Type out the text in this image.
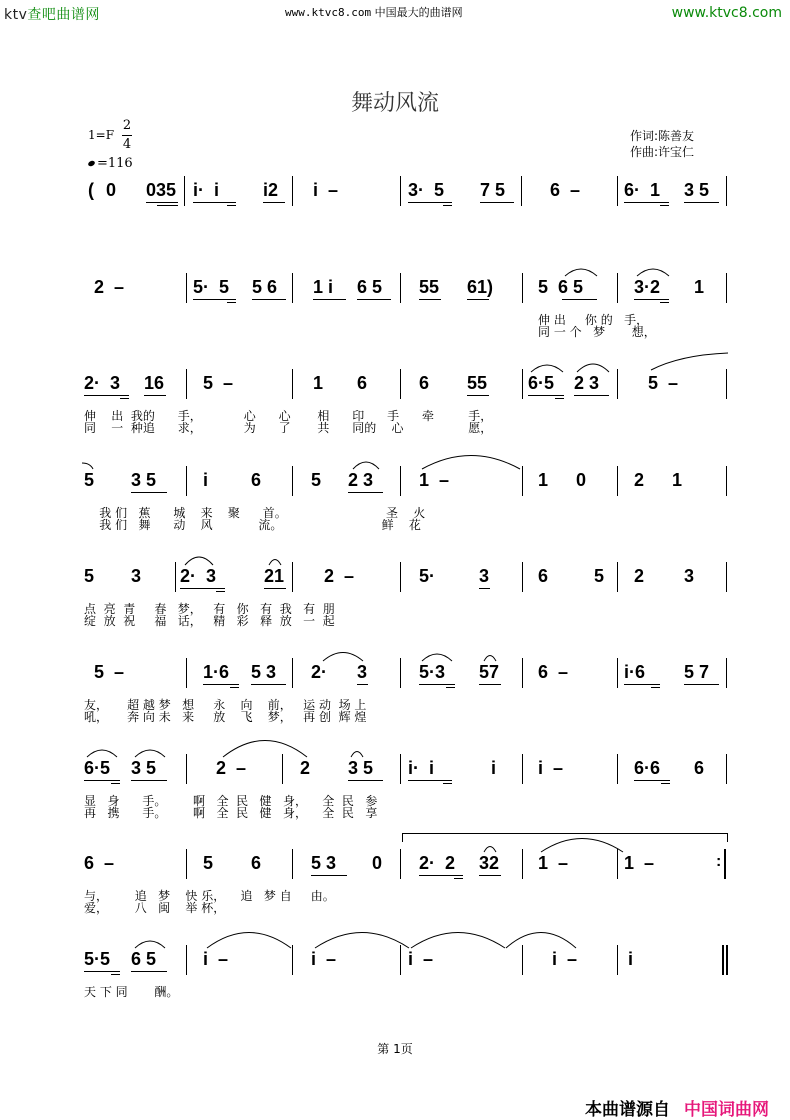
ktv查吧曲谱网	www.ktvc8.com 中国最大的曲谱网	www.ktvc8.com
舞动风流
1=F
2
4
=116
作词:陈善友
作曲:许宝仁
( 0 035 i·  i i2 i  –	3·  5 7 5 6  – 6·  1 3 5
2  –	5·  5 5 6 1 i 6 5 55 61) 5  6 5	3·2 1
伸 出     你 的   手，
同 一 个   梦       想，
2·  3 16 5  –	1 6	6 55 6·5 2 3	5  –
伸    出  我的      手，           心      心       相      印      手      牵         手，
同    一  种追      求，           为      了       共      同的    心                 愿，
5 3 5	i 6	5 2 3	1  –	1 0	2 1
我 们   蕉      城    来    聚      首。                          圣    火
我 们   舞      动    风            流。                          鲜    花
5 3 2·  3	21 2  –	5· 3	6	5 2 3
点  亮  青     春   梦，   有   你   有  我   有  朋
绽  放  祝     福   话，   精   彩   释  放   一  起
5  –	1·6 5 3 2· 3	5·3 57 6  –	i·6 5 7
友，     超 越 梦   想     永    向    前，   运 动  场 上
吼，     奔 向 未   来     放    飞    梦，   再 创  辉 煌
6·5 3 5	2  –	2 3 5 i·  i	i i  –	6·6 6
显   身      手。       啊   全  民   健   身，    全  民   参
再   携      手。       啊   全  民   健   身，    全  民   享
6  –	5 6	5 3 0 2·  2 32 1  –	1  –	:
与，       追   梦    快 乐，    追   梦 自     由。
爱，       八   闽    举 杯，
5·5 6 5	i  –	i  –	i  –	i  –	i
天 下 同       酬。
第 1页
本曲谱源自 中国词曲网
